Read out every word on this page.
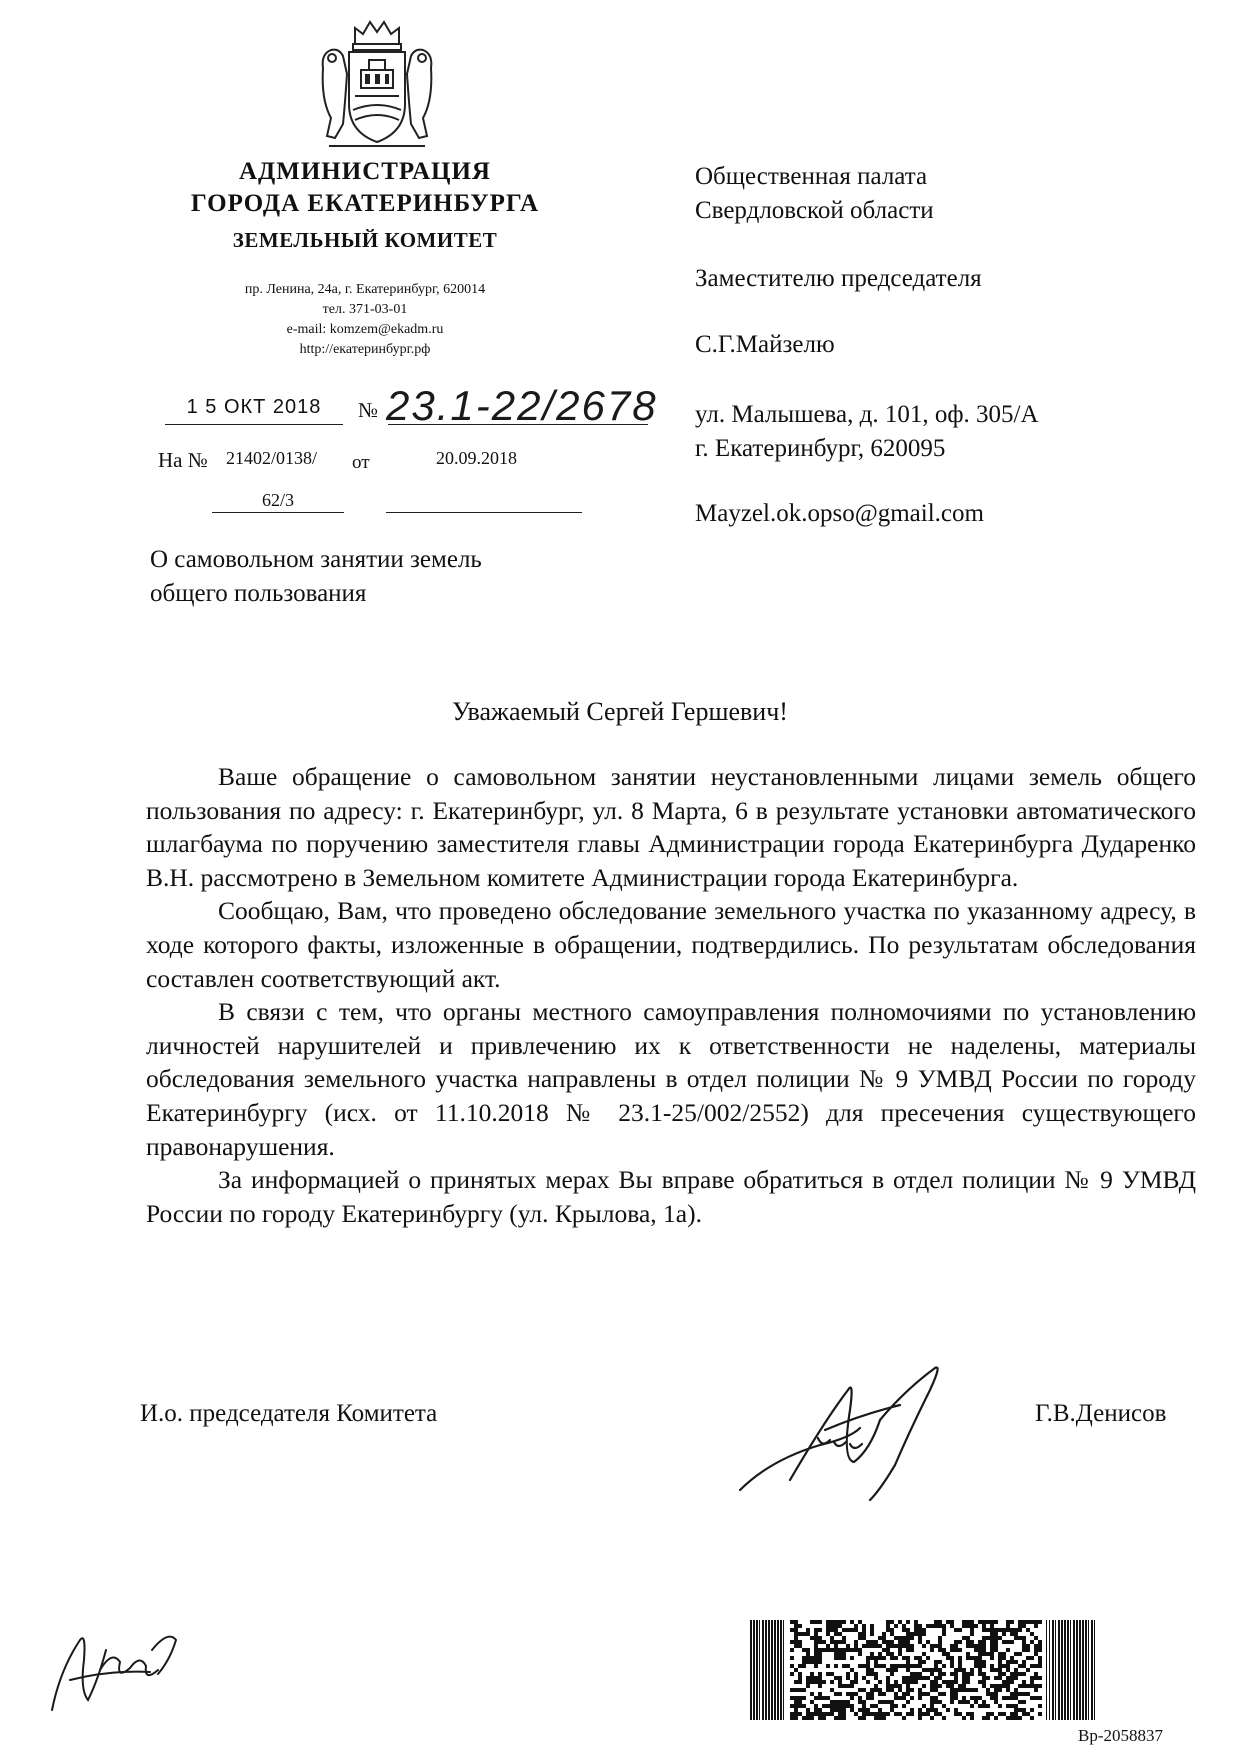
АДМИНИСТРАЦИЯ
ГОРОДА ЕКАТЕРИНБУРГА
ЗЕМЕЛЬНЫЙ КОМИТЕТ
пр. Ленина, 24а, г. Екатеринбург, 620014
тел. 371-03-01
e-mail: komzem@ekadm.ru
http://екатеринбург.рф
1 5 ОКТ 2018	№ 23.1-22/2678
На № 21402/0138/ от	20.09.2018
62/3
О самовольном занятии земель
общего пользования
Общественная палата
Свердловской области
Заместителю председателя
С.Г.Майзелю
ул. Малышева, д. 101, оф. 305/А
г. Екатеринбург, 620095
Mayzel.ok.opso@gmail.com
Уважаемый Сергей Гершевич!

Ваше обращение о самовольном занятии неустановленными лицами земель общего пользования по адресу: г. Екатеринбург, ул. 8 Марта, 6 в результате установки автоматического шлагбаума по поручению заместителя главы Администрации города Екатеринбурга Дударенко В.Н. рассмотрено в Земельном комитете Администрации города Екатеринбурга.

Сообщаю, Вам, что проведено обследование земельного участка по указанному адресу, в ходе которого факты, изложенные в обращении, подтвердились. По результатам обследования составлен соответствующий акт.

В связи с тем, что органы местного самоуправления полномочиями по установлению личностей нарушителей и привлечению их к ответственности не наделены, материалы обследования земельного участка направлены в отдел полиции № 9 УМВД России по городу Екатеринбургу (исх. от 11.10.2018 № 23.1-25/002/2552) для пресечения существующего правонарушения.

За информацией о принятых мерах Вы вправе обратиться в отдел полиции № 9 УМВД России по городу Екатеринбургу (ул. Крылова, 1а).

И.о. председателя Комитета	Г.В.Денисов
Вр-2058837
